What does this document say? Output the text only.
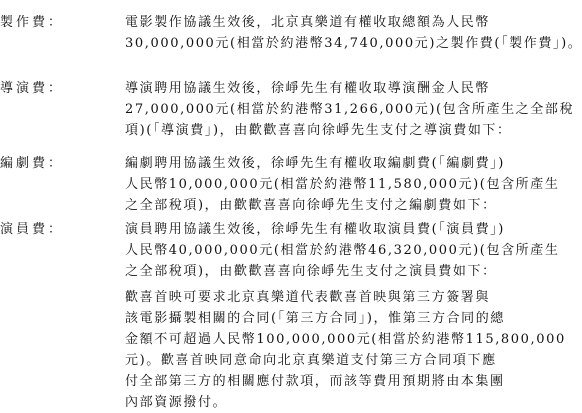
製作費：	電影製作協議生效後，北京真樂道有權收取總額為人民幣
30,000,000元(相當於約港幣34,740,000元)之製作費(「製作費」)。
導演費：	導演聘用協議生效後，徐崢先生有權收取導演酬金人民幣
27,000,000元(相當於約港幣31,266,000元)(包含所產生之全部稅
項)(「導演費」)，由歡歡喜喜向徐崢先生支付之導演費如下：
編劇費：	編劇聘用協議生效後，徐崢先生有權收取編劇費(「編劇費」)
人民幣10,000,000元(相當於約港幣11,580,000元)(包含所產生
之全部稅項)，由歡歡喜喜向徐崢先生支付之編劇費如下：
演員費：	演員聘用協議生效後，徐崢先生有權收取演員費(「演員費」)
人民幣40,000,000元(相當於約港幣46,320,000元)(包含所產生
之全部稅項)，由歡歡喜喜向徐崢先生支付之演員費如下：
歡喜首映可要求北京真樂道代表歡喜首映與第三方簽署與
該電影攝製相關的合同(「第三方合同」)，惟第三方合同的總
金額不可超過人民幣100,000,000元(相當於約港幣115,800,000
元)。歡喜首映同意命向北京真樂道支付第三方合同項下應
付全部第三方的相關應付款項，而該等費用預期將由本集團
內部資源撥付。
